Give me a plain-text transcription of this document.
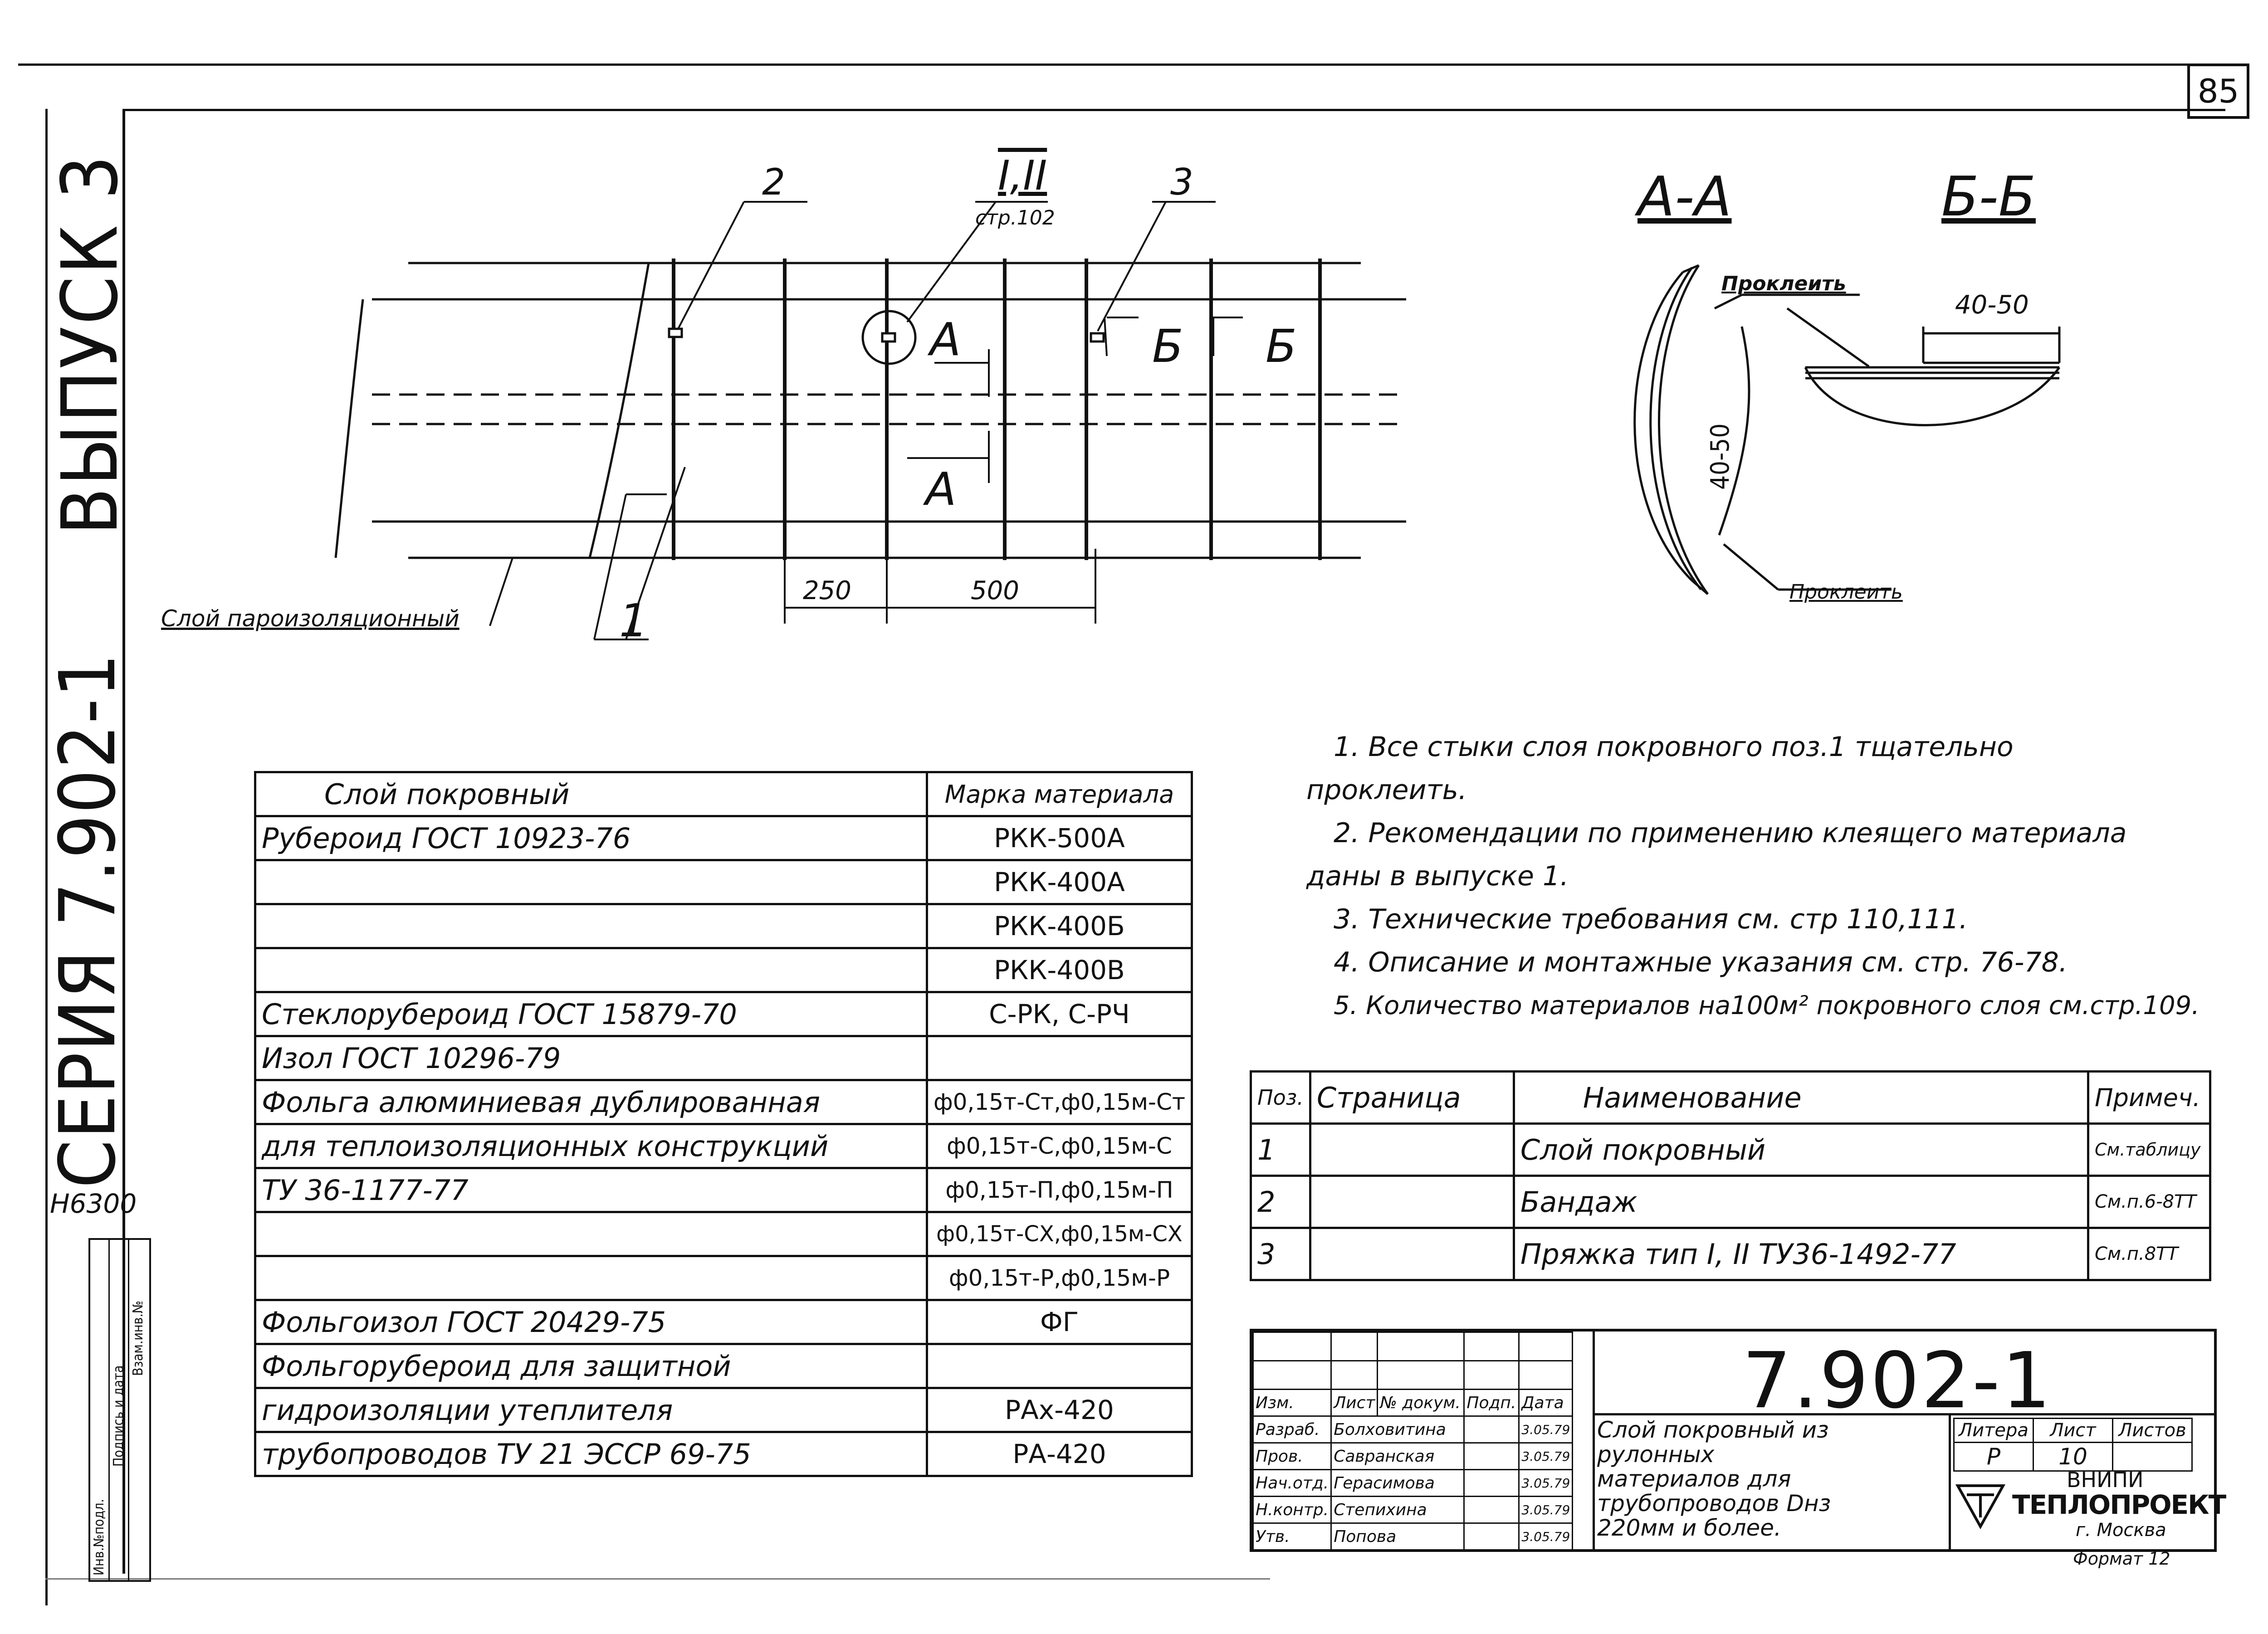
85
ВЫПУСК 3
СЕРИЯ 7.902-1
Н6300
Инв.№подл.
Подпись и дата
Взам.инв.№
2	I,II
стр.102
3
А
А
Б Б
250	500
1
Слой пароизоляционный
А-А	Б-Б
Проклеить
40-50
40-50
Проклеить
1. Все стыки слоя покровного поз.1 тщательно
проклеить.
2. Рекомендации по применению клеящего материала
даны в выпуске 1.
3. Технические требования см. стр 110,111.
4. Описание и монтажные указания см. стр. 76-78.
5. Количество материалов на100м² покровного слоя см.стр.109.
Слой покровный	Марка материала
Рубероид ГОСТ 10923-76	РКК-500А
	РКК-400А
	РКК-400Б
	РКК-400В
Стеклорубероид ГОСТ 15879-70	С-РК, С-РЧ
Изол ГОСТ 10296-79	
Фольга алюминиевая дублированная	ф0,15т-Ст,ф0,15м-Ст
для теплоизоляционных конструкций	ф0,15т-С,ф0,15м-С
ТУ 36-1177-77	ф0,15т-П,ф0,15м-П
	ф0,15т-СХ,ф0,15м-СХ
	ф0,15т-Р,ф0,15м-Р
Фольгоизол ГОСТ 20429-75	ФГ
Фольгорубероид для защитной	
гидроизоляции утеплителя	РАх-420
трубопроводов ТУ 21 ЭССР 69-75	РА-420
Поз.	Страница	Наименование	Примеч.
1		Слой покровный	См.таблицу
2		Бандаж	См.п.6-8ТТ
3		Пряжка тип I, II ТУ36-1492-77	См.п.8ТТ
7.902-1

Изм.	Лист	№ докум.	Подп.	Дата
Разраб.	Болховитина			3.05.79
Пров.	Савранская			3.05.79
Нач.отд.	Герасимова			3.05.79
Н.контр.	Степихина			3.05.79
Утв.	Попова			3.05.79
Слой покровный из рулонных материалов для трубопроводов Dнз 220мм и более.
Литера	Лист	Листов
Р	10	
ВНИПИ
ТЕПЛОПРОЕКТ
г. Москва
Формат 12
